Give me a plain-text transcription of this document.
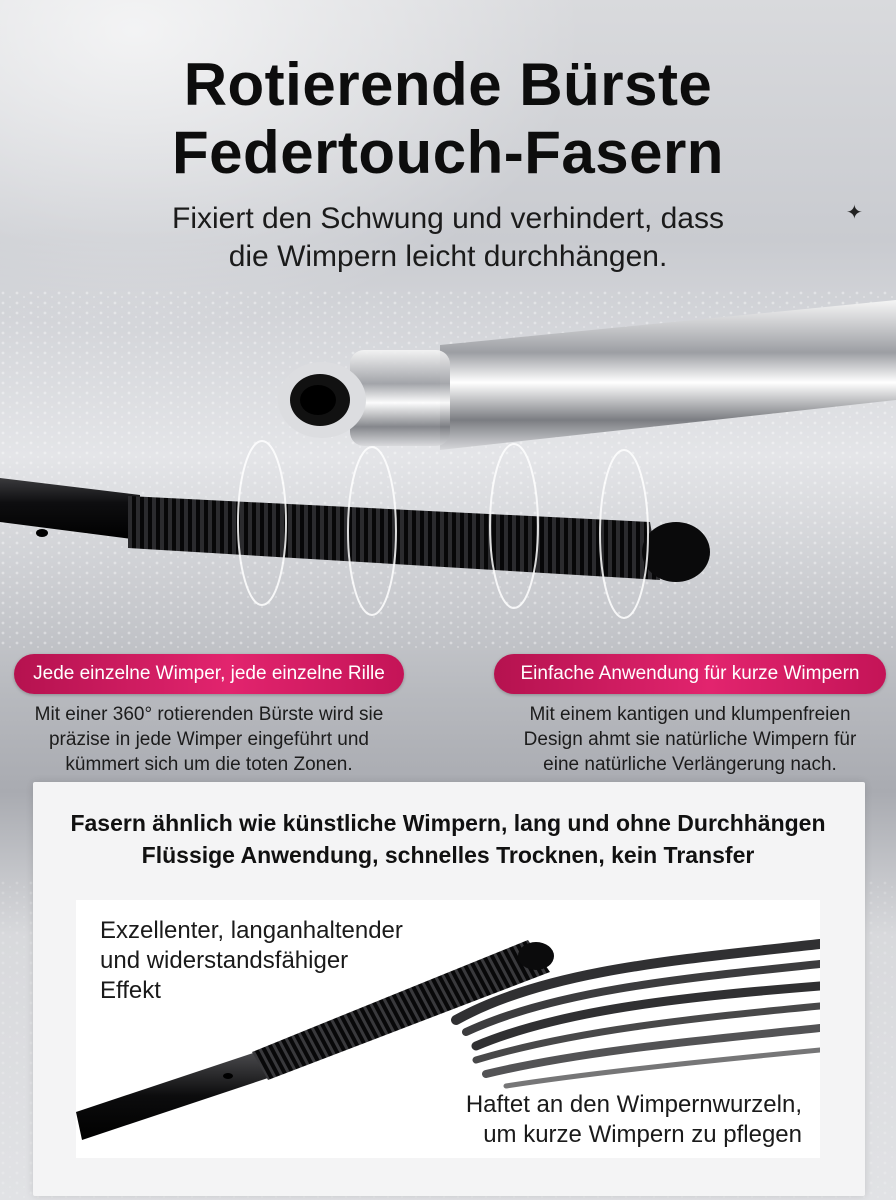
Rotierende Bürste
Federtouch-Fasern
Fixiert den Schwung und verhindert, dass
die Wimpern leicht durchhängen.
✦
Jede einzelne Wimper, jede einzelne Rille	Einfache Anwendung für kurze Wimpern
Mit einer 360° rotierenden Bürste wird sie
präzise in jede Wimper eingeführt und
kümmert sich um die toten Zonen.
Mit einem kantigen und klumpenfreien
Design ahmt sie natürliche Wimpern für
eine natürliche Verlängerung nach.
Fasern ähnlich wie künstliche Wimpern, lang und ohne Durchhängen
Flüssige Anwendung, schnelles Trocknen, kein Transfer
Exzellenter, langanhaltender
und widerstandsfähiger
Effekt
Haftet an den Wimpernwurzeln,
um kurze Wimpern zu pflegen
